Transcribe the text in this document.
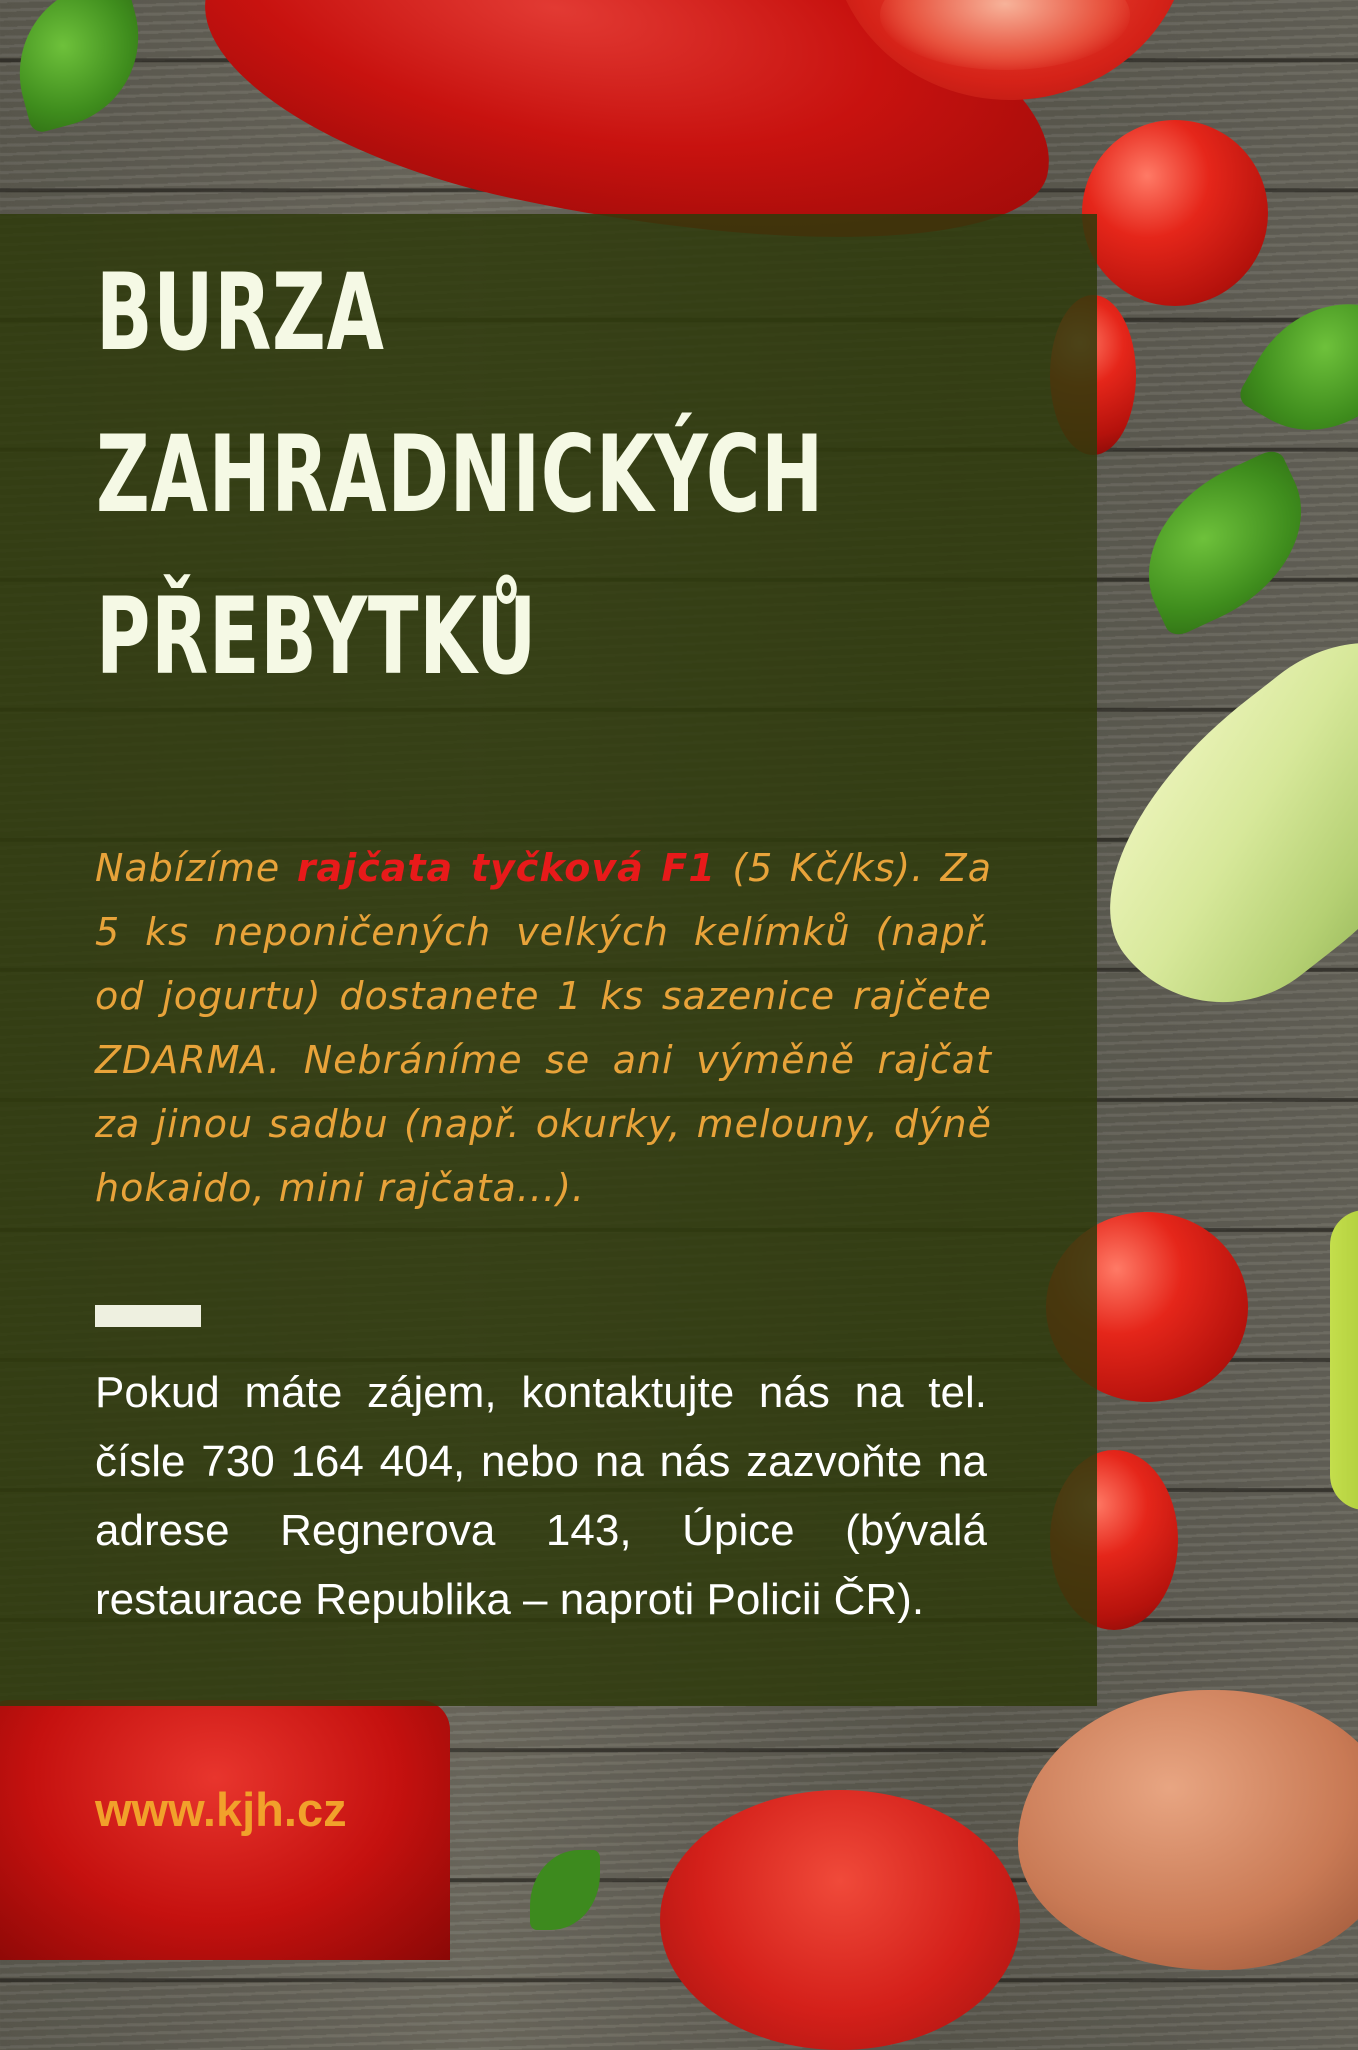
BURZA
ZAHRADNICKÝCH
PŘEBYTKŮ

Nabízíme rajčata tyčková F1 (5 Kč/ks). Za 5 ks neponičených velkých kelímků (např. od jogurtu) dostanete 1 ks sazenice rajčete ZDARMA. Nebráníme se ani výměně rajčat za jinou sadbu (např. okurky, melouny, dýně hokaido, mini rajčata...).

Pokud máte zájem, kontaktujte nás na tel. čísle 730 164 404, nebo na nás zazvoňte na adrese Regnerova 143, Úpice (bývalá restaurace Republika – naproti Policii ČR).

www.kjh.cz
